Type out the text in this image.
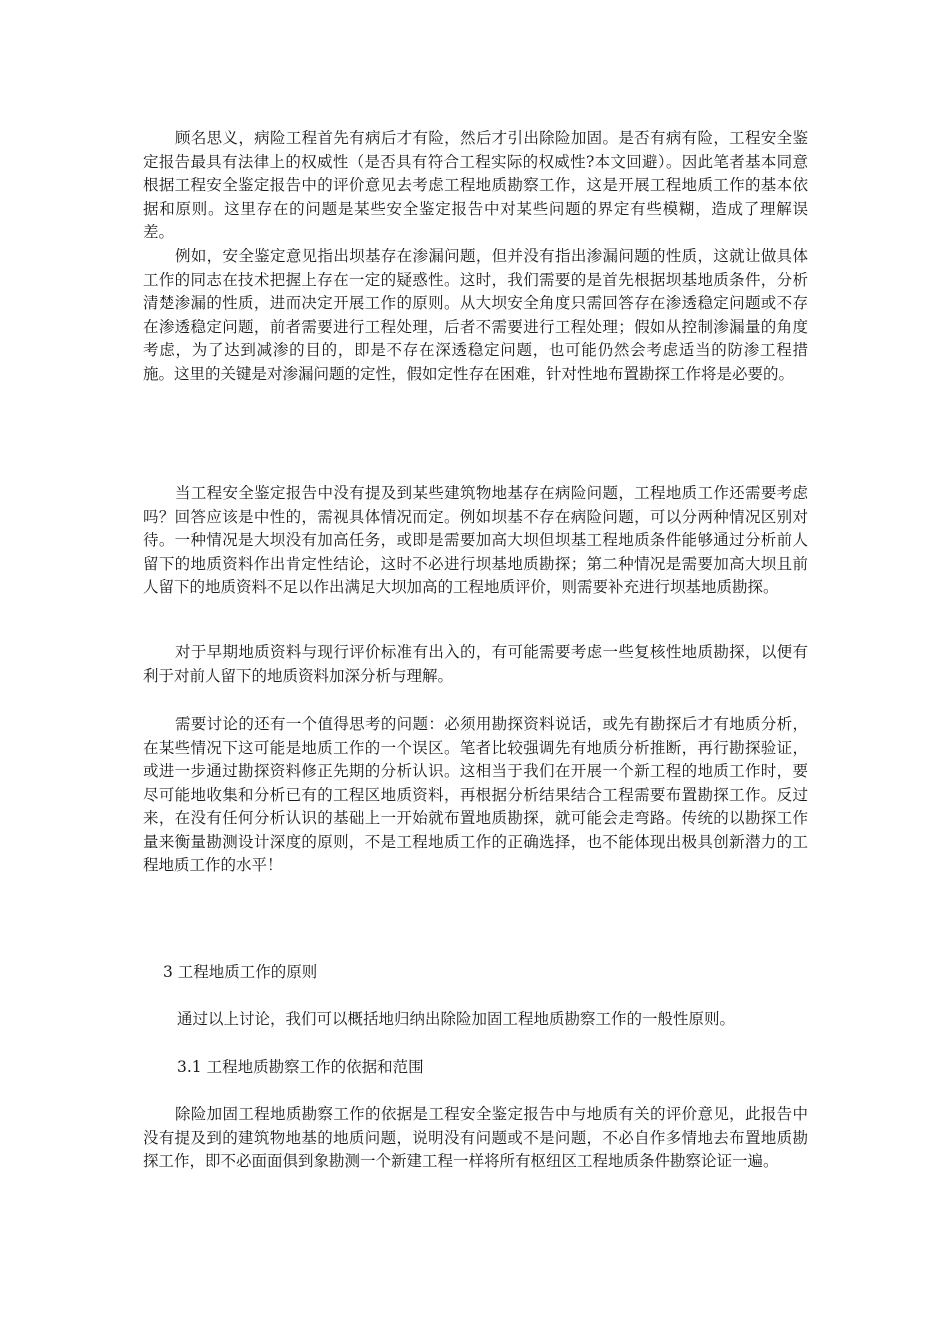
顾名思义，病险工程首先有病后才有险，然后才引出除险加固。是否有病有险，工程安全鉴定报告最具有法律上的权威性（是否具有符合工程实际的权威性?本文回避）。因此笔者基本同意根据工程安全鉴定报告中的评价意见去考虑工程地质勘察工作，这是开展工程地质工作的基本依据和原则。这里存在的问题是某些安全鉴定报告中对某些问题的界定有些模糊，造成了理解误差。

例如，安全鉴定意见指出坝基存在渗漏问题，但并没有指出渗漏问题的性质，这就让做具体工作的同志在技术把握上存在一定的疑惑性。这时，我们需要的是首先根据坝基地质条件，分析清楚渗漏的性质，进而决定开展工作的原则。从大坝安全角度只需回答存在渗透稳定问题或不存在渗透稳定问题，前者需要进行工程处理，后者不需要进行工程处理；假如从控制渗漏量的角度考虑，为了达到减渗的目的，即是不存在深透稳定问题，也可能仍然会考虑适当的防渗工程措施。这里的关键是对渗漏问题的定性，假如定性存在困难，针对性地布置勘探工作将是必要的。

当工程安全鉴定报告中没有提及到某些建筑物地基存在病险问题，工程地质工作还需要考虑吗？回答应该是中性的，需视具体情况而定。例如坝基不存在病险问题，可以分两种情况区别对待。一种情况是大坝没有加高任务，或即是需要加高大坝但坝基工程地质条件能够通过分析前人留下的地质资料作出肯定性结论，这时不必进行坝基地质勘探；第二种情况是需要加高大坝且前人留下的地质资料不足以作出满足大坝加高的工程地质评价，则需要补充进行坝基地质勘探。

对于早期地质资料与现行评价标准有出入的，有可能需要考虑一些复核性地质勘探，以便有利于对前人留下的地质资料加深分析与理解。

需要讨论的还有一个值得思考的问题：必须用勘探资料说话，或先有勘探后才有地质分析，在某些情况下这可能是地质工作的一个误区。笔者比较强调先有地质分析推断，再行勘探验证，或进一步通过勘探资料修正先期的分析认识。这相当于我们在开展一个新工程的地质工作时，要尽可能地收集和分析已有的工程区地质资料，再根据分析结果结合工程需要布置勘探工作。反过来，在没有任何分析认识的基础上一开始就布置地质勘探，就可能会走弯路。传统的以勘探工作量来衡量勘测设计深度的原则，不是工程地质工作的正确选择，也不能体现出极具创新潜力的工程地质工作的水平！

3 工程地质工作的原则

通过以上讨论，我们可以概括地归纳出除险加固工程地质勘察工作的一般性原则。

3.1 工程地质勘察工作的依据和范围

除险加固工程地质勘察工作的依据是工程安全鉴定报告中与地质有关的评价意见，此报告中没有提及到的建筑物地基的地质问题，说明没有问题或不是问题，不必自作多情地去布置地质勘探工作，即不必面面俱到象勘测一个新建工程一样将所有枢纽区工程地质条件勘察论证一遍。
